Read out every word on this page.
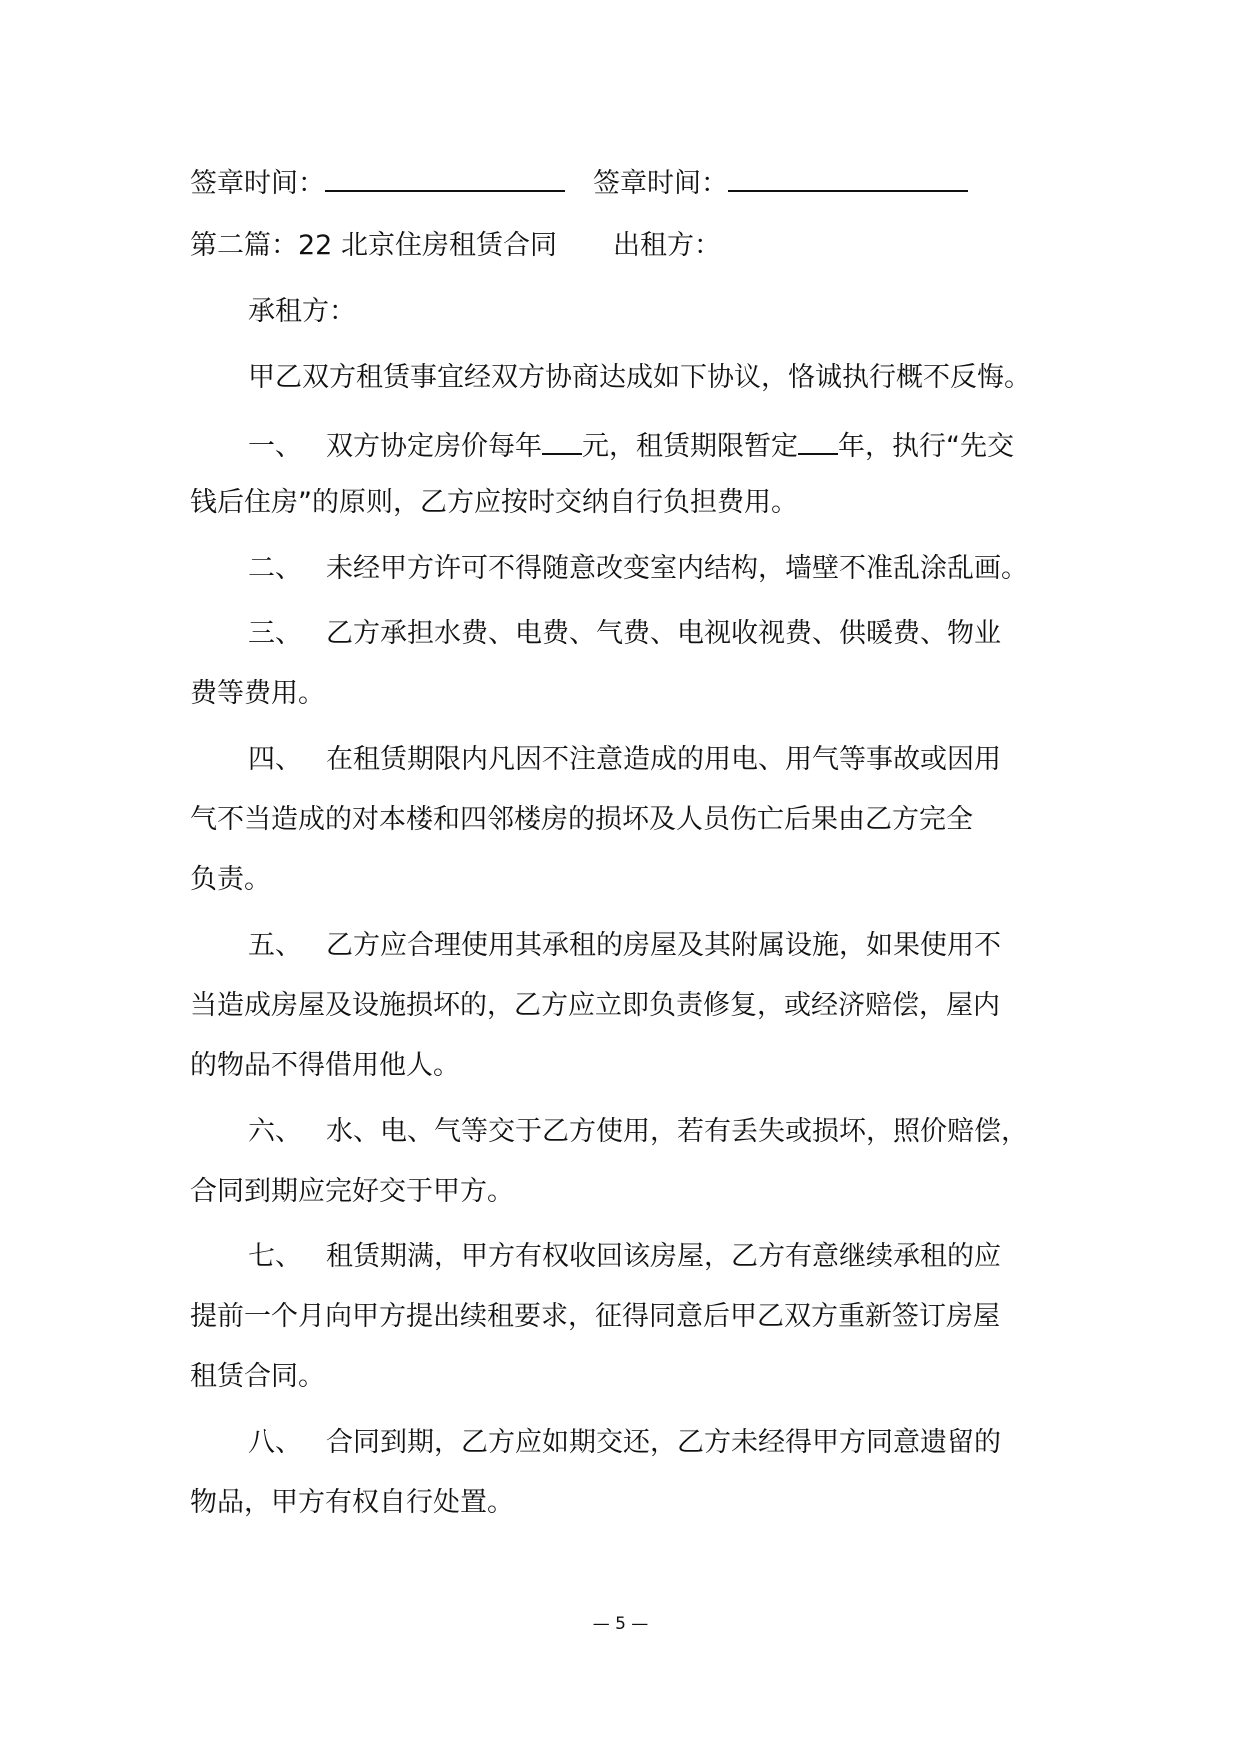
签章时间：	签章时间：
第二篇：22 北京住房租赁合同 出租方：
承租方：
甲乙双方租赁事宜经双方协商达成如下协议，恪诚执行概不反悔。
一、 双方协定房价每年 元，租赁期限暂定 年，执行“先交
钱后住房”的原则，乙方应按时交纳自行负担费用。
二、 未经甲方许可不得随意改变室内结构，墙壁不准乱涂乱画。
三、 乙方承担水费、电费、气费、电视收视费、供暖费、物业
费等费用。
四、 在租赁期限内凡因不注意造成的用电、用气等事故或因用
气不当造成的对本楼和四邻楼房的损坏及人员伤亡后果由乙方完全
负责。
五、 乙方应合理使用其承租的房屋及其附属设施，如果使用不
当造成房屋及设施损坏的，乙方应立即负责修复，或经济赔偿，屋内
的物品不得借用他人。
六、 水、电、气等交于乙方使用，若有丢失或损坏，照价赔偿，
合同到期应完好交于甲方。
七、 租赁期满，甲方有权收回该房屋，乙方有意继续承租的应
提前一个月向甲方提出续租要求，征得同意后甲乙双方重新签订房屋
租赁合同。
八、 合同到期，乙方应如期交还，乙方未经得甲方同意遗留的
物品，甲方有权自行处置。
— 5 —
